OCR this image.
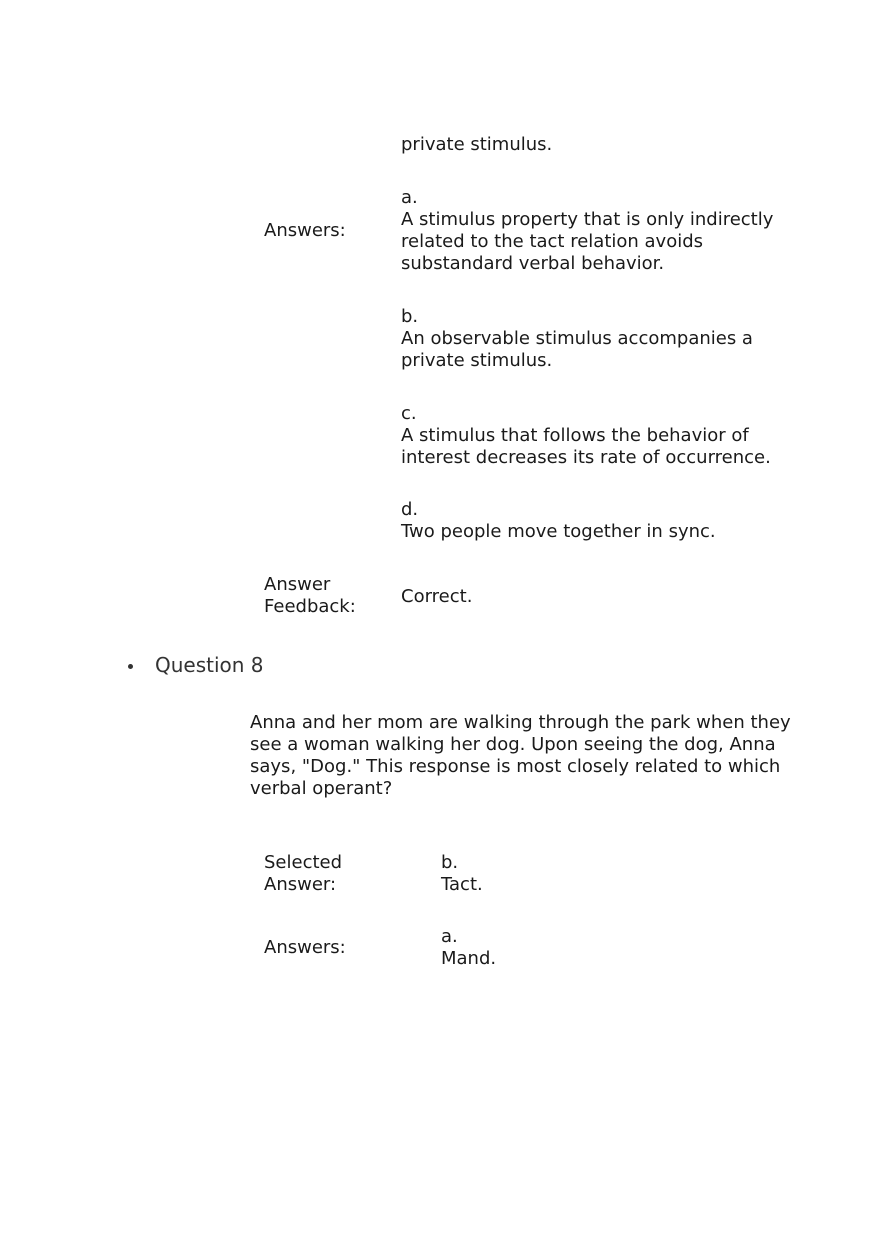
private stimulus.
Answers:
a.
A stimulus property that is only indirectly related to the tact relation avoids substandard verbal behavior.
b.
An observable stimulus accompanies a private stimulus.
c.
A stimulus that follows the behavior of interest decreases its rate of occurrence.
d.
Two people move together in sync.
Answer
Feedback:	Correct.
Question 8
Anna and her mom are walking through the park when they see a woman walking her dog. Upon seeing the dog, Anna says, "Dog." This response is most closely related to which verbal operant?
Selected
Answer:
b.
Tact.
Answers:
a.
Mand.
